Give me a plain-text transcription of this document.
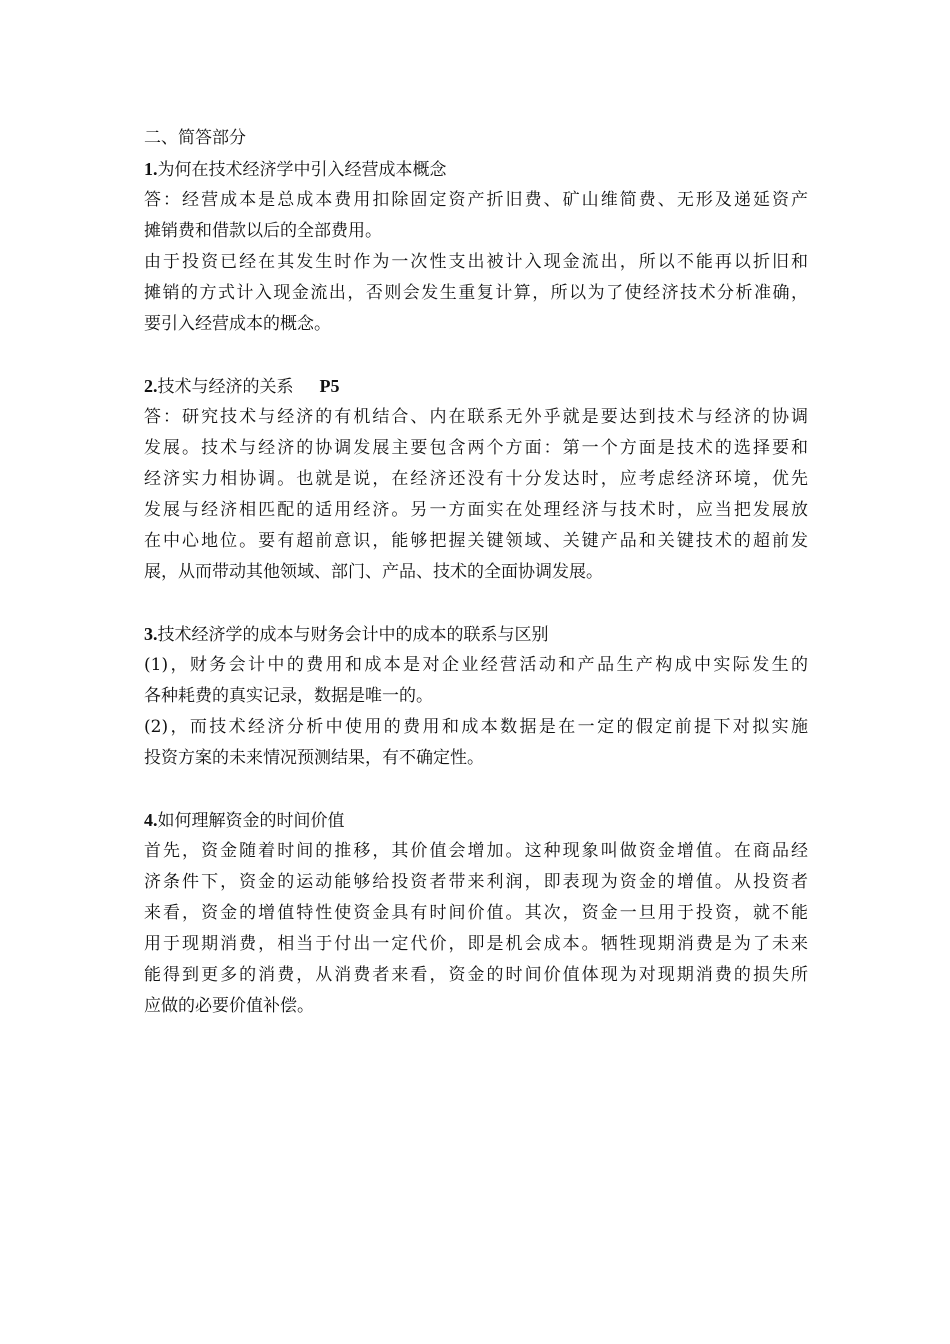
二、简答部分
1.为何在技术经济学中引入经营成本概念
答：经营成本是总成本费用扣除固定资产折旧费、矿山维简费、无形及递延资产
摊销费和借款以后的全部费用。
由于投资已经在其发生时作为一次性支出被计入现金流出，所以不能再以折旧和
摊销的方式计入现金流出，否则会发生重复计算，所以为了使经济技术分析准确，
要引入经营成本的概念。
2.技术与经济的关系 P5
答：研究技术与经济的有机结合、内在联系无外乎就是要达到技术与经济的协调
发展。技术与经济的协调发展主要包含两个方面：第一个方面是技术的选择要和
经济实力相协调。也就是说，在经济还没有十分发达时，应考虑经济环境，优先
发展与经济相匹配的适用经济。另一方面实在处理经济与技术时，应当把发展放
在中心地位。要有超前意识，能够把握关键领域、关键产品和关键技术的超前发
展，从而带动其他领域、部门、产品、技术的全面协调发展。
3.技术经济学的成本与财务会计中的成本的联系与区别
(1)，财务会计中的费用和成本是对企业经营活动和产品生产构成中实际发生的
各种耗费的真实记录，数据是唯一的。
(2)，而技术经济分析中使用的费用和成本数据是在一定的假定前提下对拟实施
投资方案的未来情况预测结果，有不确定性。
4.如何理解资金的时间价值
首先，资金随着时间的推移，其价值会增加。这种现象叫做资金增值。在商品经
济条件下，资金的运动能够给投资者带来利润，即表现为资金的增值。从投资者
来看，资金的增值特性使资金具有时间价值。其次，资金一旦用于投资，就不能
用于现期消费，相当于付出一定代价，即是机会成本。牺牲现期消费是为了未来
能得到更多的消费，从消费者来看，资金的时间价值体现为对现期消费的损失所
应做的必要价值补偿。
